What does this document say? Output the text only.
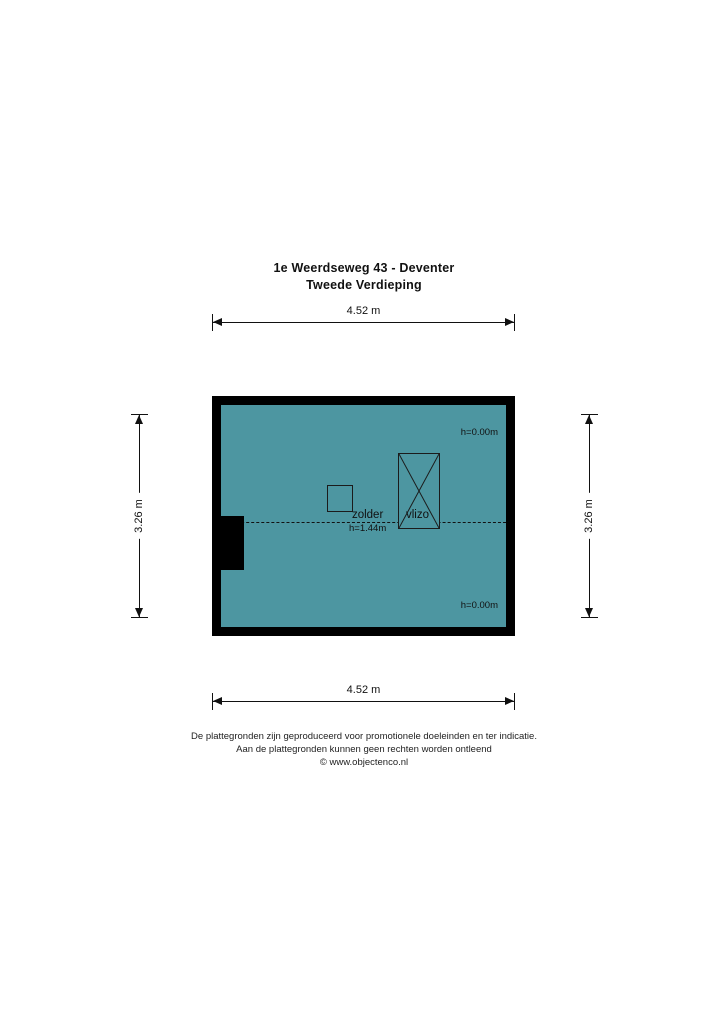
1e Weerdseweg 43 - Deventer
Tweede Verdieping
4.52 m
3.26 m	3.26 m
h=0.00m
h=0.00m
zolder
h=1.44m
vlizo
4.52 m
De plattegronden zijn geproduceerd voor promotionele doeleinden en ter indicatie.
Aan de plattegronden kunnen geen rechten worden ontleend
© www.objectenco.nl
